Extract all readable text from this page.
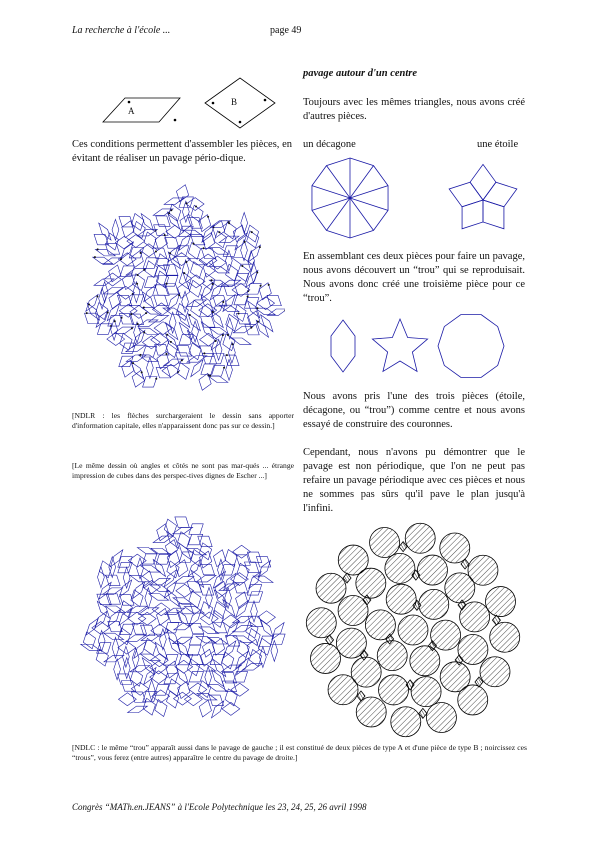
La recherche à l'école ...	page 49
A
B
Ces conditions permettent d'assembler les pièces, en évitant de réaliser un pavage pério-dique.
[NDLR : les flèches surchargeraient le dessin sans apporter d'information capitale, elles n'apparaissent donc pas sur ce dessin.]
[Le même dessin où angles et côtés ne sont pas mar-qués ... étrange impression de cubes dans des perspec-tives dignes de Escher ...]
pavage autour d'un centre
Toujours avec les mêmes triangles, nous avons créé d'autres pièces.
un décagone	une étoile
En assemblant ces deux pièces pour faire un pavage, nous avons découvert un “trou” qui se reproduisait. Nous avons donc créé une troisième pièce pour ce “trou”.
Nous avons pris l'une des trois pièces (étoile, décagone, ou “trou”) comme centre et nous avons essayé de construire des couronnes.
Cependant, nous n'avons pu démontrer que le pavage est non périodique, que l'on ne peut pas refaire un pavage périodique avec ces pièces et nous ne sommes pas sûrs qu'il pave le plan jusqu'à l'infini.
[NDLC : le même “trou” apparaît aussi dans le pavage de gauche ; il est constitué de deux pièces de type A et d'une pièce de type B ; noircissez ces “trous”, vous ferez (entre autres) apparaître le centre du pavage de droite.]
Congrès “MATh.en.JEANS” à l'Ecole Polytechnique les 23, 24, 25, 26 avril 1998
